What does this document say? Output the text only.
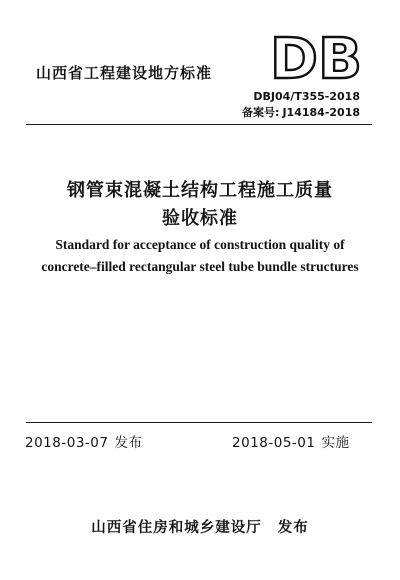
山西省工程建设地方标准 DB
DBJ04/T355-2018
备案号: J14184-2018
钢管束混凝土结构工程施工质量
验收标准
Standard for acceptance of construction quality of
concrete–filled rectangular steel tube bundle structures
2018-03-07 发布	2018-05-01 实施
山西省住房和城乡建设厅 发布
